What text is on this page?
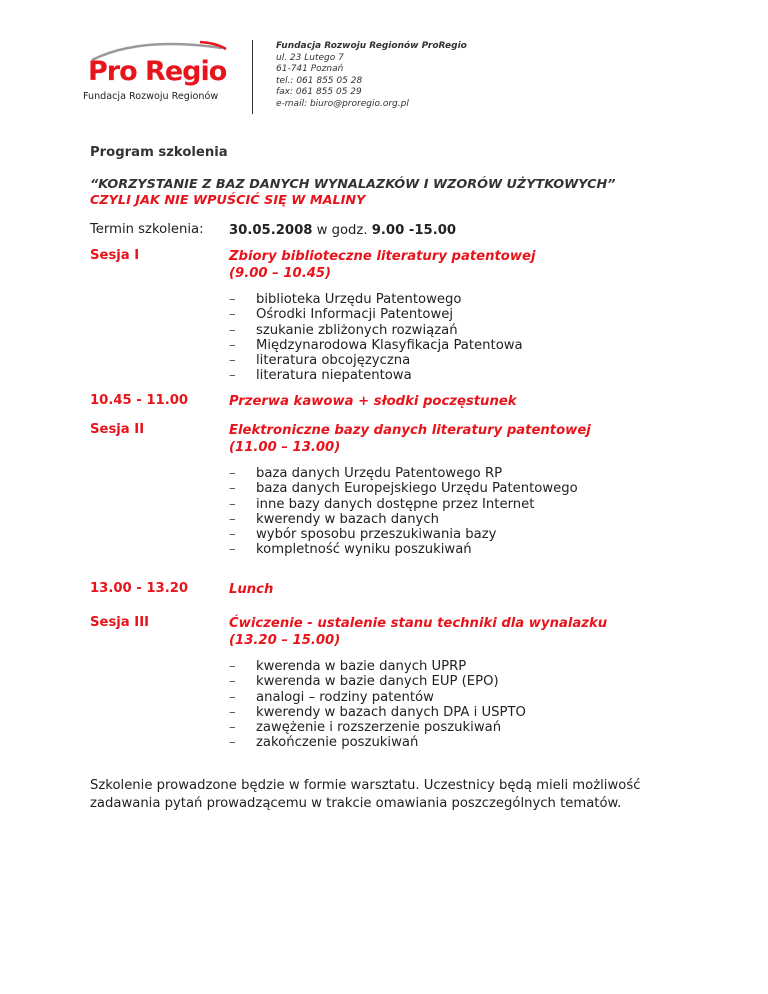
Pro Regio
Fundacja Rozwoju Regionów
Fundacja Rozwoju Regionów ProRegio
ul. 23 Lutego 7
61-741 Poznań
tel.: 061 855 05 28
fax: 061 855 05 29
e-mail: biuro@proregio.org.pl
Program szkolenia
“KORZYSTANIE Z BAZ DANYCH WYNALAZKÓW I WZORÓW UŻYTKOWYCH”
CZYLI JAK NIE WPUŚCIĆ SIĘ W MALINY
Termin szkolenia: 30.05.2008 w godz. 9.00 -15.00
Sesja I	Zbiory biblioteczne literatury patentowej
(9.00 – 10.45)
– biblioteka Urzędu Patentowego
– Ośrodki Informacji Patentowej
– szukanie zbliżonych rozwiązań
– Międzynarodowa Klasyfikacja Patentowa
– literatura obcojęzyczna
– literatura niepatentowa
10.45 - 11.00	Przerwa kawowa + słodki poczęstunek
Sesja II	Elektroniczne bazy danych literatury patentowej
(11.00 – 13.00)
– baza danych Urzędu Patentowego RP
– baza danych Europejskiego Urzędu Patentowego
– inne bazy danych dostępne przez Internet
– kwerendy w bazach danych
– wybór sposobu przeszukiwania bazy
– kompletność wyniku poszukiwań
13.00 - 13.20	Lunch
Sesja III	Ćwiczenie - ustalenie stanu techniki dla wynalazku
(13.20 – 15.00)
– kwerenda w bazie danych UPRP
– kwerenda w bazie danych EUP (EPO)
– analogi – rodziny patentów
– kwerendy w bazach danych DPA i USPTO
– zawężenie i rozszerzenie poszukiwań
– zakończenie poszukiwań
Szkolenie prowadzone będzie w formie warsztatu. Uczestnicy będą mieli możliwość zadawania pytań prowadzącemu w trakcie omawiania poszczególnych tematów.
